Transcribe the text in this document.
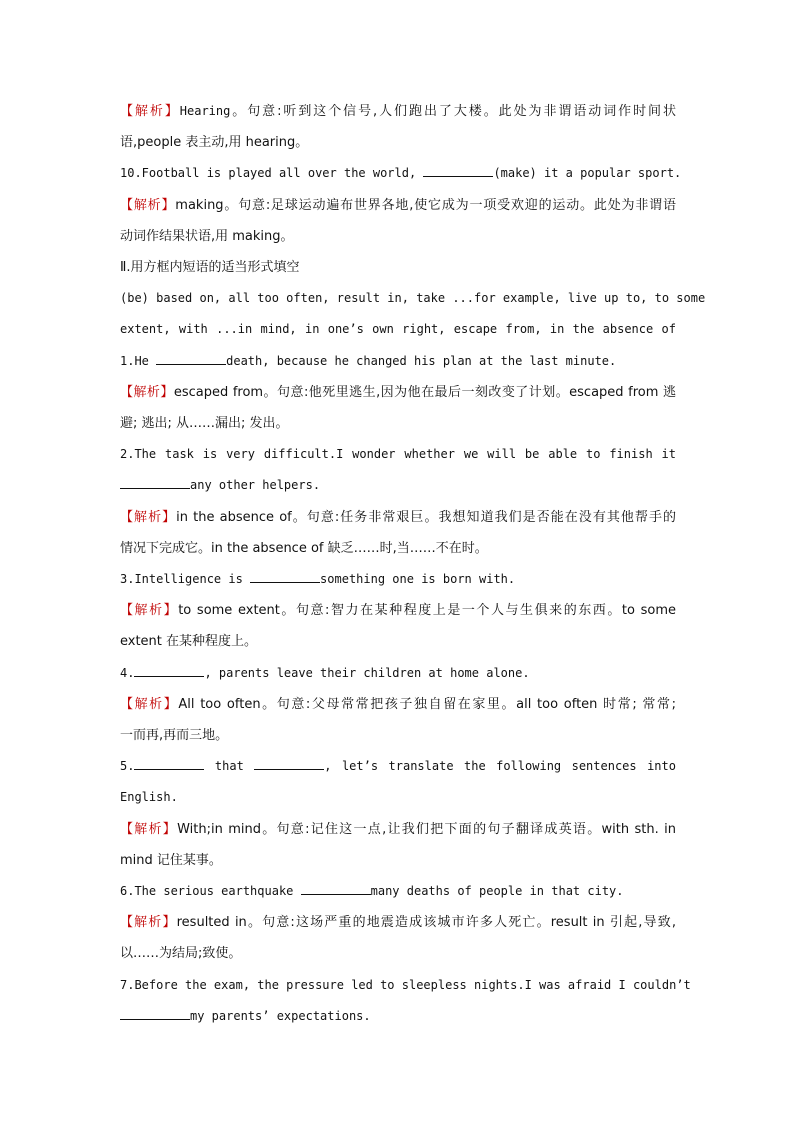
【解析】Hearing。句意:听到这个信号,人们跑出了大楼。此处为非谓语动词作时间状

语,people 表主动,用 hearing。

10.Football is played all over the world,	(make) it a popular sport.

【解析】making。句意:足球运动遍布世界各地,使它成为一项受欢迎的运动。此处为非谓语

动词作结果状语,用 making。

Ⅱ.用方框内短语的适当形式填空

(be) based on, all too often, result in, take ...for example, live up to, to some

extent, with ...in mind, in one’s own right, escape from, in the absence of

1.He	death, because he changed his plan at the last minute.

【解析】escaped from。句意:他死里逃生,因为他在最后一刻改变了计划。escaped from 逃

避; 逃出; 从……漏出; 发出。

2.The task is very difficult.I wonder whether we will be able to finish it

any other helpers.

【解析】in the absence of。句意:任务非常艰巨。我想知道我们是否能在没有其他帮手的

情况下完成它。in the absence of 缺乏……时,当……不在时。

3.Intelligence is	something one is born with.

【解析】to some extent。句意:智力在某种程度上是一个人与生俱来的东西。to some

extent 在某种程度上。

4.	, parents leave their children at home alone.

【解析】All too often。句意:父母常常把孩子独自留在家里。all too often 时常; 常常;

一而再,再而三地。

5.	that	, let’s translate the following sentences into

English.

【解析】With;in mind。句意:记住这一点,让我们把下面的句子翻译成英语。with sth. in

mind 记住某事。

6.The serious earthquake	many deaths of people in that city.

【解析】resulted in。句意:这场严重的地震造成该城市许多人死亡。result in 引起,导致,

以……为结局;致使。

7.Before the exam, the pressure led to sleepless nights.I was afraid I couldn’t

my parents’ expectations.
